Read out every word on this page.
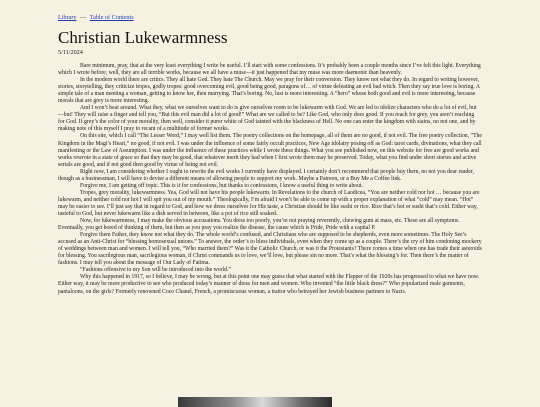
Library — Table of Contents
Christian Lukewarmness
5/11/2024

Bare minimum, pray, that at the very least everything I write be useful. I’ll start with some confessions. It’s probably been a couple months since I’ve felt this light. Everything which I wrote before, well, they are all terrible works, because we all have a muse—it just happened that my muse was more daemonic than heavenly.

In the modern world there are critics. They all hate God. They hate The Church. May we pray for their conversion. They know not what they do. In regard to writing however, stories, storytelling, they criticize tropes, godly tropes: good overcoming evil, good being good, paragons of… of virtue defeating an evil bad witch. Then they say true love is boring. A simple tale of a man meeting a woman, getting to know her, then marrying. That’s boring. No, lust is more interesting. A “hero” whose both good and evil is more interesting, because morals that are grey is more interesting.

And I won’t beat around. What they, what we ourselves want to do is give ourselves room to be lukewarm with God. We are led to idolize characters who do a lot of evil, but—but! They will raise a finger and tell you, “But this evil man did a lot of good!” What are we called to be? Like God, who only does good. If you reach for grey, you aren’t reaching for God. If grey’s the color of your morality, then well, consider it purer white of God tainted with the blackness of Hell. No one can enter the kingdom with stains, no not one, and by making note of this myself I pray to recant of a multitude of former works.

On this site, which I call “The Lesser Word,” I may well list them. The poetry collections on the homepage, all of them are no good, if not evil. The free poetry collection, “The Kingdom in the Magi’s Heart,” no good, if not evil. I was under the influence of some fairly occult practices, New Age idolatry posing off as God: tarot cards, divinations, what they call manifesting or the Law of Assumption. I was under the influence of these practices while I wrote these things. What you see published now, on this website for free are good works and works rewrote in a state of grace so that they may be good, that whatever merit they had when I first wrote them may be preserved. Today, what you find under short stories and active serials are good, and if not good then good by virtue of being not evil.

Right now, I am considering whether I ought to rewrite the evil works I currently have displayed. I certainly don’t recommend that people buy them, no not you dear reader, though as a businessman, I will have to devise a different means of allowing people to support my work. Maybe a Patreon, or a Buy Me a Coffee link.

Forgive me, I am getting off topic. This is it for confessions, but thanks to confessions, I know a useful thing to write about.

Tropes, grey morality, lukewarmness. Yea, God will not have his people lukewarm. In Revelations to the church of Laodicea, “You are neither cold nor hot … because you are lukewarm, and neither cold nor hot I will spit you out of my mouth.” Theologically, I’m afraid I won’t be able to come up with a proper explanation of what “cold” may mean. “Hot” may be easier to see. I’ll just say that in regard to God, and how we dress ourselves for His taste, a Christian should be like sushi or rice. Rice that’s hot or sushi that’s cold. Either way, tasteful to God, but never lukewarm like a dish served in between, like a pot of rice still soaked.

Now, for lukewarmness, I may make the obvious accusations. You dress too poorly, you’re not praying reverently, chewing gum at mass, etc. These are all symptoms. Eventually, you get bored of thinking of them, but then as you pray you realize the disease, the cause which is Pride, Pride with a capital P.

Forgive them Father, they know not what they do. The whole world’s confused, and Christians who are supposed to be shepherds, even more sometimes. The Holy See’s accused as an Anti-Christ for “blessing homosexual unions.” To answer, the order’s to bless individuals, even when they come up as a couple. There’s the cry of him condoning mockery of weddings between man and women. I will tell you, “Who married them?” Was it the Catholic Church, or was it the Protestants? There comes a time when one has trade their asteroids for blessing. You sacrilegious man, sacrilegious woman, if Christ commands us to love, we’ll love, but please sin no more. That’s what the blessing’s for. Then there’s the matter of fashions. I may tell you about the message of Our Lady of Fatima.

“Fashions offensive to my Son will be introduced into the world.”

Why this happened in 1917, so I believe, I may be wrong, but at this point one may guess that what started with the Flapper of the 1920s has progressed to what we have now. Either way, it may be more productive to see who produced today’s manner of dress for men and women. Who invented “the little black dress?” Who popularized male garments, pantaloons, on the girls? Formerly renowned Coco Chanel, French, a promiscuous woman, a traitor who betrayed her Jewish business partners to Nazis.
